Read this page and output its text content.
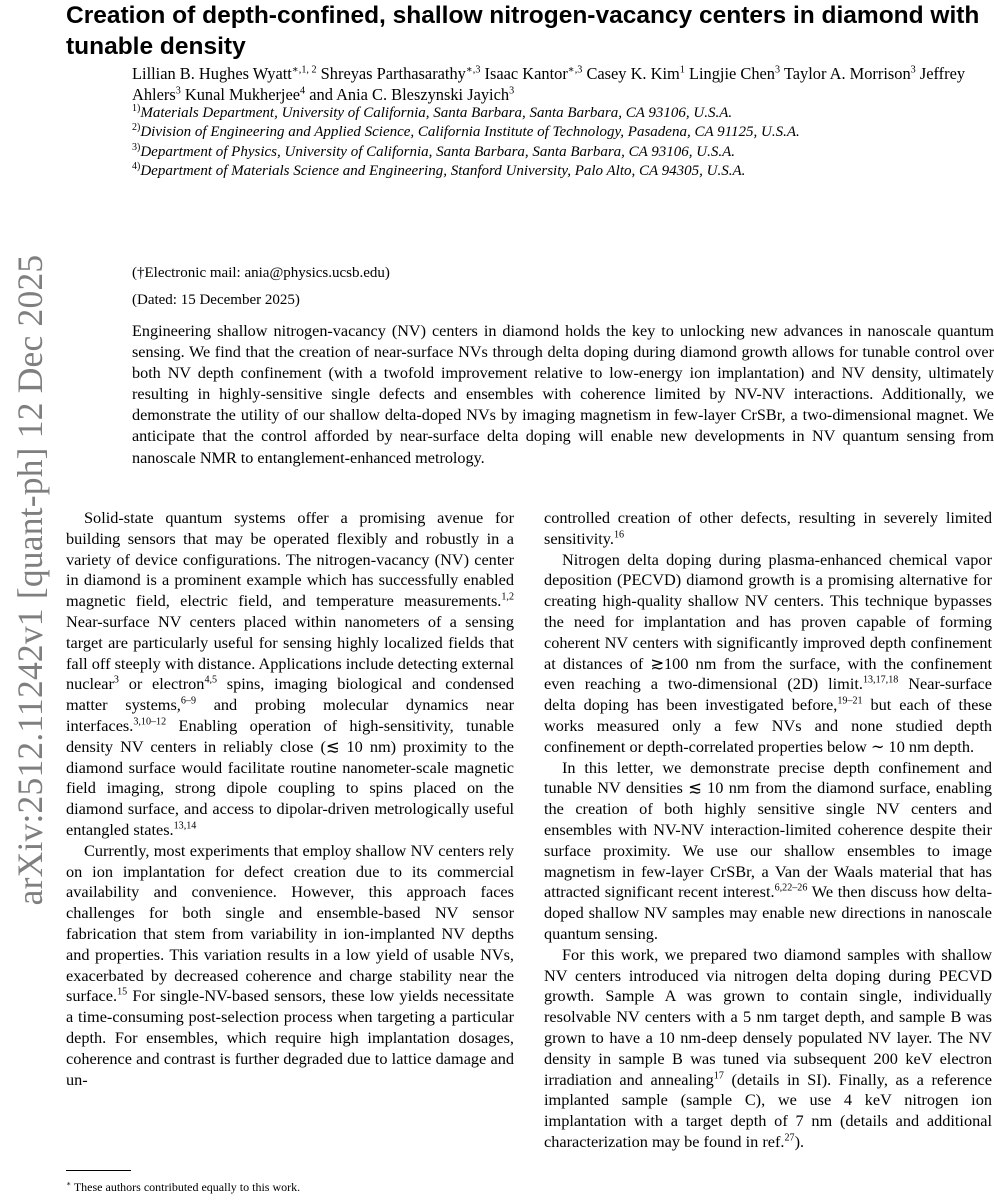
arXiv:2512.11242v1 [quant-ph] 12 Dec 2025
Creation of depth-confined, shallow nitrogen-vacancy centers in diamond with tunable density
Lillian B. Hughes Wyatt$^{∗,1, 2}$ Shreyas Parthasarathy$^{∗,3}$ Isaac Kantor$^{∗,3}$ Casey K. Kim$^1$ Lingjie Chen$^3$ Taylor A. Morrison$^3$ Jeffrey Ahlers$^3$ Kunal Mukherjee$^4$ and Ania C. Bleszynski Jayich$^3$
$^{1)}$Materials Department, University of California, Santa Barbara, Santa Barbara, CA 93106, U.S.A.
$^{2)}$Division of Engineering and Applied Science, California Institute of Technology, Pasadena, CA 91125, U.S.A.
$^{3)}$Department of Physics, University of California, Santa Barbara, Santa Barbara, CA 93106, U.S.A.
$^{4)}$Department of Materials Science and Engineering, Stanford University, Palo Alto, CA 94305, U.S.A.
(†Electronic mail: ania@physics.ucsb.edu)
(Dated: 15 December 2025)

Engineering shallow nitrogen-vacancy (NV) centers in diamond holds the key to unlocking new advances in nanoscale quantum sensing. We find that the creation of near-surface NVs through delta doping during diamond growth allows for tunable control over both NV depth confinement (with a twofold improvement relative to low-energy ion implantation) and NV density, ultimately resulting in highly-sensitive single defects and ensembles with coherence limited by NV-NV interactions. Additionally, we demonstrate the utility of our shallow delta-doped NVs by imaging magnetism in few-layer CrSBr, a two-dimensional magnet. We anticipate that the control afforded by near-surface delta doping will enable new developments in NV quantum sensing from nanoscale NMR to entanglement-enhanced metrology.

Solid-state quantum systems offer a promising avenue for building sensors that may be operated flexibly and robustly in a variety of device configurations. The nitrogen-vacancy (NV) center in diamond is a prominent example which has successfully enabled magnetic field, electric field, and temperature measurements.$^{1,2}$ Near-surface NV centers placed within nanometers of a sensing target are particularly useful for sensing highly localized fields that fall off steeply with distance. Applications include detecting external nuclear$^3$ or electron$^{4,5}$ spins, imaging biological and condensed matter systems,$^{6-9}$ and probing molecular dynamics near interfaces.$^{3,10-12}$ Enabling operation of high-sensitivity, tunable density NV centers in reliably close (≲ 10 nm) proximity to the diamond surface would facilitate routine nanometer-scale magnetic field imaging, strong dipole coupling to spins placed on the diamond surface, and access to dipolar-driven metrologically useful entangled states.$^{13,14}$

Currently, most experiments that employ shallow NV centers rely on ion implantation for defect creation due to its commercial availability and convenience. However, this approach faces challenges for both single and ensemble-based NV sensor fabrication that stem from variability in ion-implanted NV depths and properties. This variation results in a low yield of usable NVs, exacerbated by decreased coherence and charge stability near the surface.$^{15}$ For single-NV-based sensors, these low yields necessitate a time-consuming post-selection process when targeting a particular depth. For ensembles, which require high implantation dosages, coherence and contrast is further degraded due to lattice damage and un-

controlled creation of other defects, resulting in severely limited sensitivity.$^{16}$

Nitrogen delta doping during plasma-enhanced chemical vapor deposition (PECVD) diamond growth is a promising alternative for creating high-quality shallow NV centers. This technique bypasses the need for implantation and has proven capable of forming coherent NV centers with significantly improved depth confinement at distances of ≳100 nm from the surface, with the confinement even reaching a two-dimensional (2D) limit.$^{13,17,18}$ Near-surface delta doping has been investigated before,$^{19-21}$ but each of these works measured only a few NVs and none studied depth confinement or depth-correlated properties below ∼ 10 nm depth.

In this letter, we demonstrate precise depth confinement and tunable NV densities ≲ 10 nm from the diamond surface, enabling the creation of both highly sensitive single NV centers and ensembles with NV-NV interaction-limited coherence despite their surface proximity. We use our shallow ensembles to image magnetism in few-layer CrSBr, a Van der Waals material that has attracted significant recent interest.$^{6,22-26}$ We then discuss how delta-doped shallow NV samples may enable new directions in nanoscale quantum sensing.

For this work, we prepared two diamond samples with shallow NV centers introduced via nitrogen delta doping during PECVD growth. Sample A was grown to contain single, individually resolvable NV centers with a 5 nm target depth, and sample B was grown to have a 10 nm-deep densely populated NV layer. The NV density in sample B was tuned via subsequent 200 keV electron irradiation and annealing$^{17}$ (details in SI). Finally, as a reference implanted sample (sample C), we use 4 keV nitrogen ion implantation with a target depth of 7 nm (details and additional characterization may be found in ref.$^{27}$).

∗ These authors contributed equally to this work.
